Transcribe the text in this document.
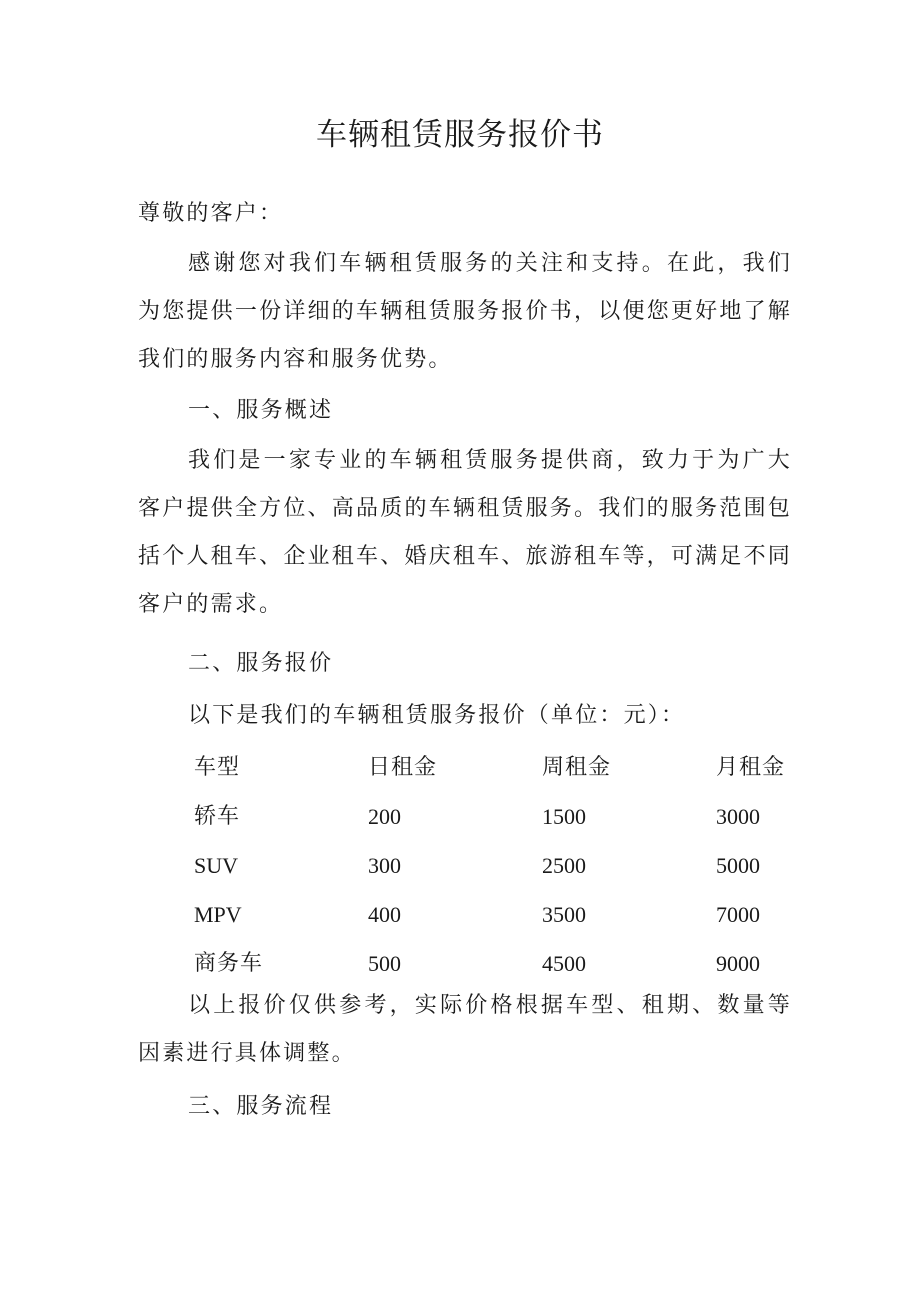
车辆租赁服务报价书
尊敬的客户：
感谢您对我们车辆租赁服务的关注和支持。在此，我们为您提供一份详细的车辆租赁服务报价书，以便您更好地了解我们的服务内容和服务优势。
一、服务概述
我们是一家专业的车辆租赁服务提供商，致力于为广大客户提供全方位、高品质的车辆租赁服务。我们的服务范围包括个人租车、企业租车、婚庆租车、旅游租车等，可满足不同客户的需求。
二、服务报价
以下是我们的车辆租赁服务报价（单位：元）：
车型	日租金	周租金	月租金
轿车	200	1500	3000
SUV	300	2500	5000
MPV	400	3500	7000
商务车	500	4500	9000
以上报价仅供参考，实际价格根据车型、租期、数量等因素进行具体调整。
三、服务流程
